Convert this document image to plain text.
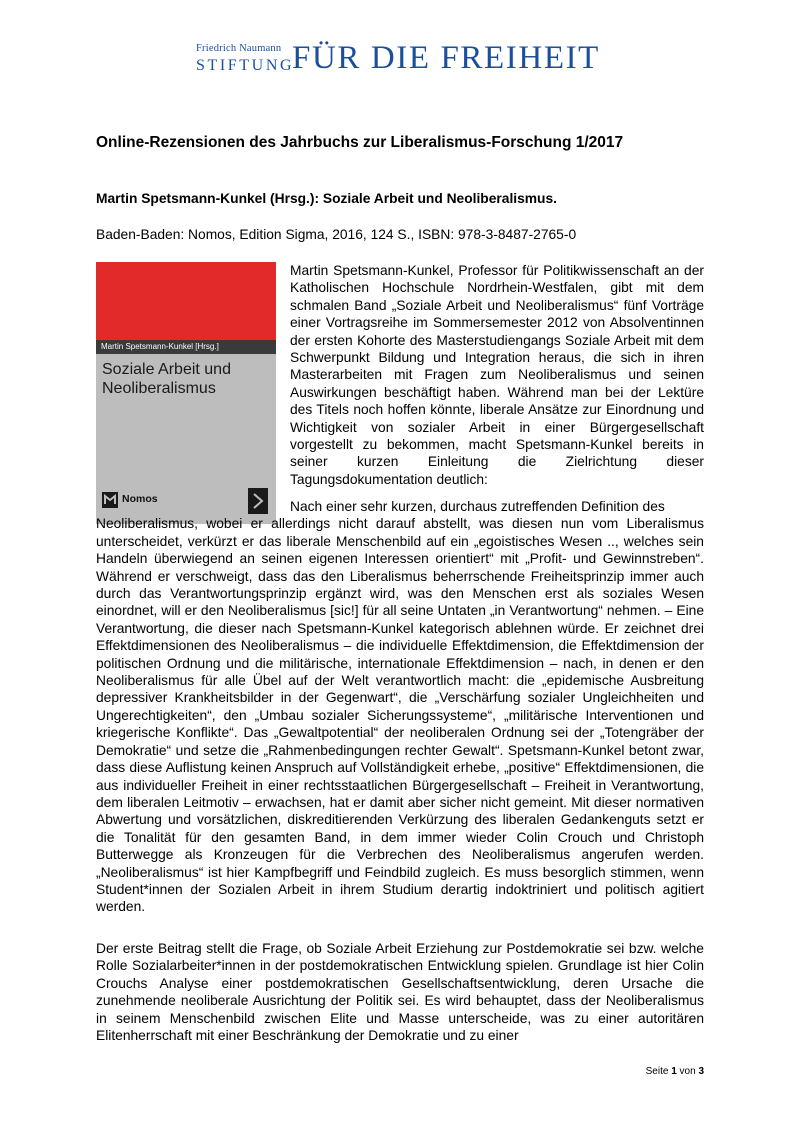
Friedrich Naumann
STIFTUNG
FÜR DIE FREIHEIT
Online-Rezensionen des Jahrbuchs zur Liberalismus-Forschung 1/2017
Martin Spetsmann-Kunkel (Hrsg.): Soziale Arbeit und Neoliberalismus.
Baden-Baden: Nomos, Edition Sigma, 2016, 124 S., ISBN: 978-3-8487-2765-0
Martin Spetsmann-Kunkel [Hrsg.]
Soziale Arbeit und
Neoliberalismus
Nomos

Martin Spetsmann-Kunkel, Professor für Politikwissenschaft an der Katholischen Hochschule Nordrhein-Westfalen, gibt mit dem schmalen Band „Soziale Arbeit und Neoliberalismus“ fünf Vorträge einer Vortragsreihe im Sommersemester 2012 von Absolventinnen der ersten Kohorte des Masterstudiengangs Soziale Arbeit mit dem Schwerpunkt Bildung und Integration heraus, die sich in ihren Masterarbeiten mit Fragen zum Neoliberalismus und seinen Auswirkungen beschäftigt haben. Während man bei der Lektüre des Titels noch hoffen könnte, liberale Ansätze zur Einordnung und Wichtigkeit von sozialer Arbeit in einer Bürgergesellschaft vorgestellt zu bekommen, macht Spetsmann-Kunkel bereits in seiner kurzen Einleitung die Zielrichtung dieser Tagungsdokumentation deutlich:

Nach einer sehr kurzen, durchaus zutreffenden Definition des
Neoliberalismus, wobei er allerdings nicht darauf abstellt, was diesen nun vom Liberalismus unterscheidet, verkürzt er das liberale Menschenbild auf ein „egoistisches Wesen .., welches sein Handeln überwiegend an seinen eigenen Interessen orientiert“ mit „Profit- und Gewinnstreben“. Während er verschweigt, dass das den Liberalismus beherrschende Freiheitsprinzip immer auch durch das Verantwortungsprinzip ergänzt wird, was den Menschen erst als soziales Wesen einordnet, will er den Neoliberalismus [sic!] für all seine Untaten „in Verantwortung“ nehmen. – Eine Verantwortung, die dieser nach Spetsmann-Kunkel kategorisch ablehnen würde. Er zeichnet drei Effektdimensionen des Neoliberalismus – die individuelle Effektdimension, die Effektdimension der politischen Ordnung und die militärische, internationale Effektdimension – nach, in denen er den Neoliberalismus für alle Übel auf der Welt verantwortlich macht: die „epidemische Ausbreitung depressiver Krankheitsbilder in der Gegenwart“, die „Verschärfung sozialer Ungleichheiten und Ungerechtigkeiten“, den „Umbau sozialer Sicherungssysteme“, „militärische Interventionen und kriegerische Konflikte“. Das „Gewaltpotential“ der neoliberalen Ordnung sei der „Totengräber der Demokratie“ und setze die „Rahmenbedingungen rechter Gewalt“. Spetsmann-Kunkel betont zwar, dass diese Auflistung keinen Anspruch auf Vollständigkeit erhebe, „positive“ Effektdimensionen, die aus individueller Freiheit in einer rechtsstaatlichen Bürgergesellschaft – Freiheit in Verantwortung, dem liberalen Leitmotiv – erwachsen, hat er damit aber sicher nicht gemeint. Mit dieser normativen Abwertung und vorsätzlichen, diskreditierenden Verkürzung des liberalen Gedankenguts setzt er die Tonalität für den gesamten Band, in dem immer wieder Colin Crouch und Christoph Butterwegge als Kronzeugen für die Verbrechen des Neoliberalismus angerufen werden. „Neoliberalismus“ ist hier Kampfbegriff und Feindbild zugleich. Es muss besorglich stimmen, wenn Student*innen der Sozialen Arbeit in ihrem Studium derartig indoktriniert und politisch agitiert werden.

Der erste Beitrag stellt die Frage, ob Soziale Arbeit Erziehung zur Postdemokratie sei bzw. welche Rolle Sozialarbeiter*innen in der postdemokratischen Entwicklung spielen. Grundlage ist hier Colin Crouchs Analyse einer postdemokratischen Gesellschaftsentwicklung, deren Ursache die zunehmende neoliberale Ausrichtung der Politik sei. Es wird behauptet, dass der Neoliberalismus in seinem Menschenbild zwischen Elite und Masse unterscheide, was zu einer autoritären Elitenherrschaft mit einer Beschränkung der Demokratie und zu einer

Seite 1 von 3
